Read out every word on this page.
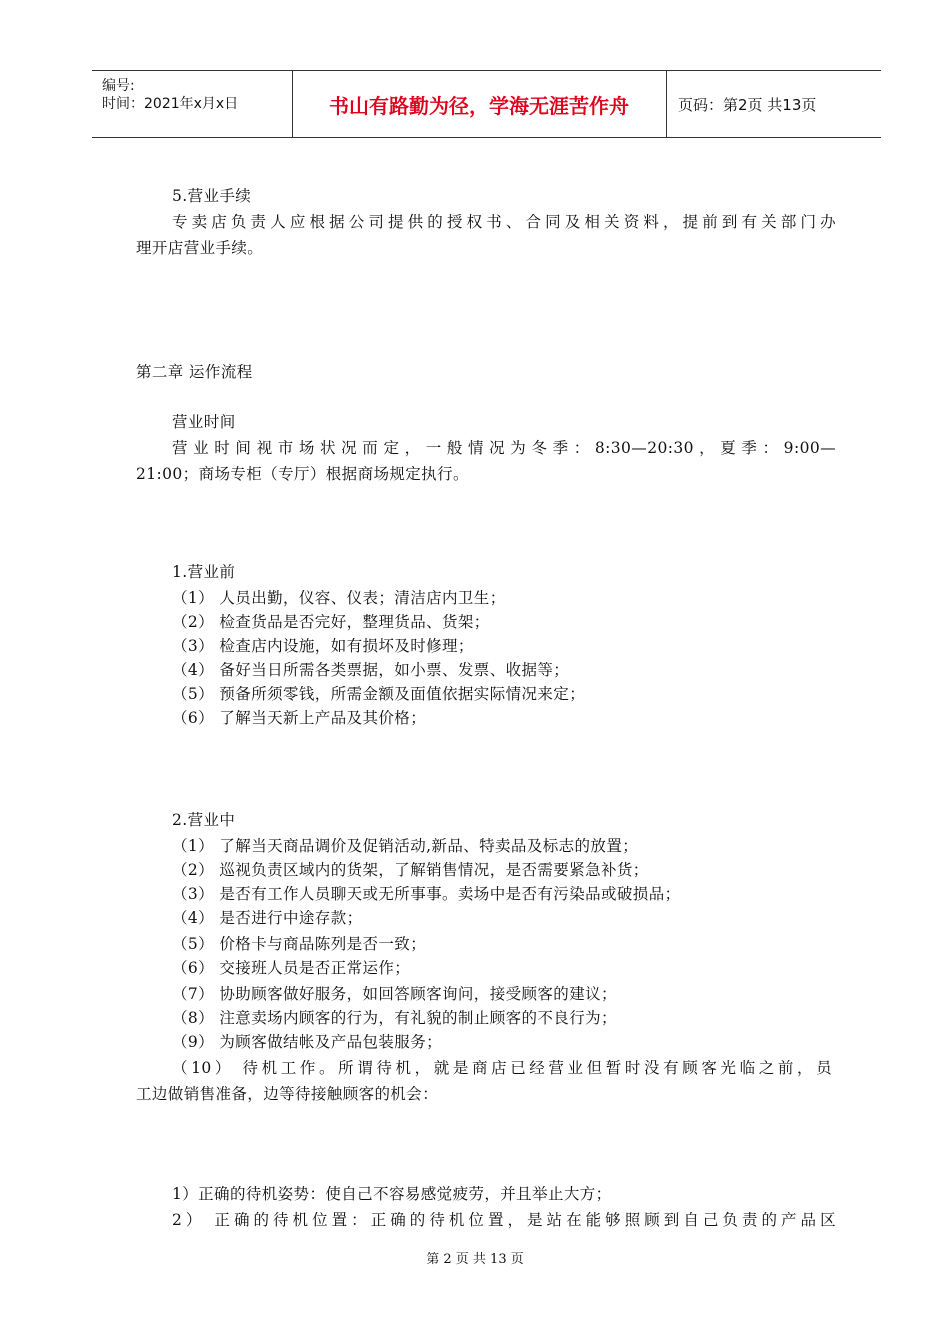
编号:
时间：2021年x月x日	书山有路勤为径，学海无涯苦作舟	页码：第2页 共13页
5.营业手续
专卖店负责人应根据公司提供的授权书、合同及相关资料，提前到有关部门办
理开店营业手续。
第二章 运作流程
营业时间
营业时间视市场状况而定，一般情况为冬季：8:30—20:30，夏季：9:00—
21:00；商场专柜（专厅）根据商场规定执行。
1.营业前
（1） 人员出勤，仪容、仪表；清洁店内卫生；
（2） 检查货品是否完好，整理货品、货架；
（3） 检查店内设施，如有损坏及时修理；
（4） 备好当日所需各类票据，如小票、发票、收据等；
（5） 预备所须零钱，所需金额及面值依据实际情况来定；
（6） 了解当天新上产品及其价格；
2.营业中
（1） 了解当天商品调价及促销活动,新品、特卖品及标志的放置；
（2） 巡视负责区域内的货架，了解销售情况，是否需要紧急补货；
（3） 是否有工作人员聊天或无所事事。卖场中是否有污染品或破损品；
（4） 是否进行中途存款；
（5） 价格卡与商品陈列是否一致；
（6） 交接班人员是否正常运作；
（7） 协助顾客做好服务，如回答顾客询问，接受顾客的建议；
（8） 注意卖场内顾客的行为，有礼貌的制止顾客的不良行为；
（9） 为顾客做结帐及产品包装服务；
（10） 待机工作。所谓待机，就是商店已经营业但暂时没有顾客光临之前，员
工边做销售准备，边等待接触顾客的机会：
1）正确的待机姿势：使自己不容易感觉疲劳，并且举止大方；
2） 正确的待机位置：正确的待机位置，是站在能够照顾到自己负责的产品区
第 2 页 共 13 页
